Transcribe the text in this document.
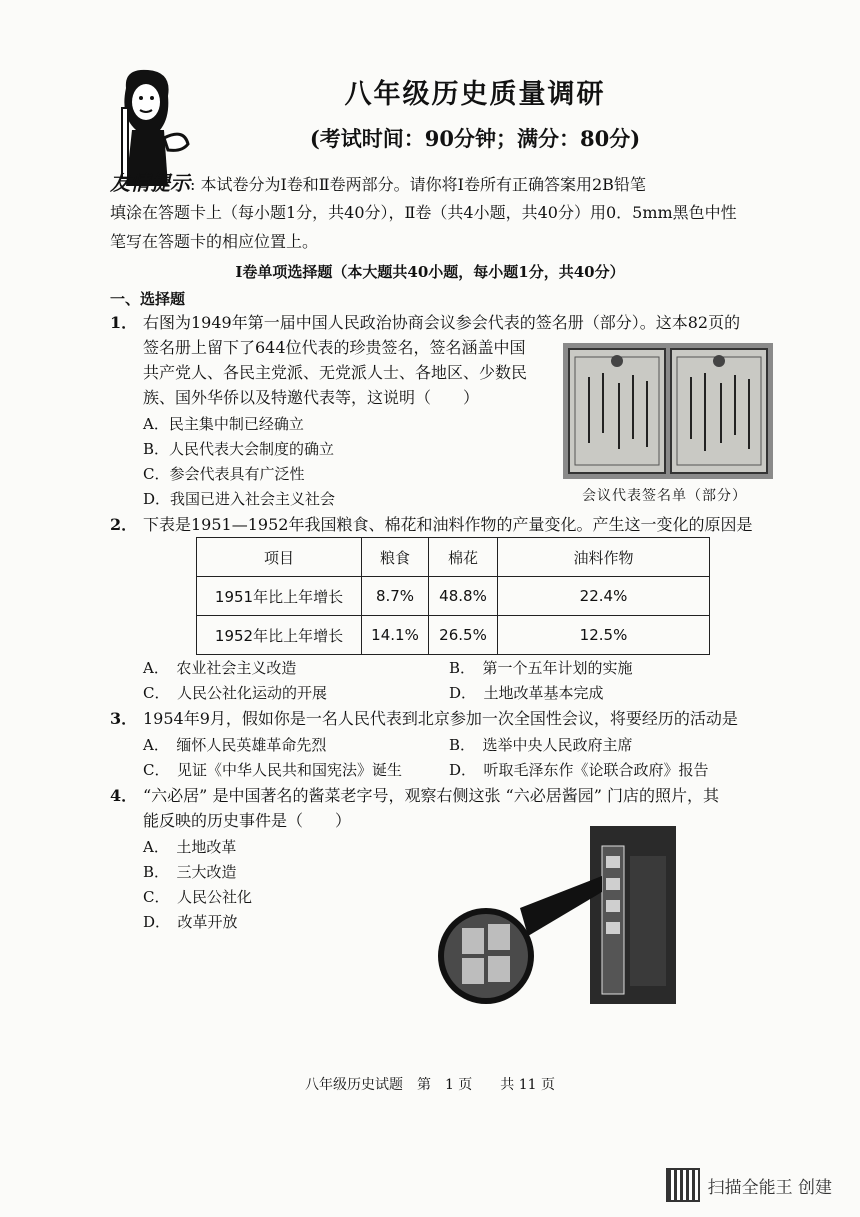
八年级历史质量调研
(考试时间：90分钟；满分：80分)
友情提示: 本试卷分为I卷和Ⅱ卷两部分。请你将I卷所有正确答案用2B铅笔
填涂在答题卡上（每小题1分，共40分），Ⅱ卷（共4小题，共40分）用0．5mm黑色中性
笔写在答题卡的相应位置上。
I卷单项选择题（本大题共40小题，每小题1分，共40分）
一、选择题
1． 右图为1949年第一届中国人民政治协商会议参会代表的签名册（部分）。这本82页的
签名册上留下了644位代表的珍贵签名，签名涵盖中国
共产党人、各民主党派、无党派人士、各地区、少数民
族、国外华侨以及特邀代表等，这说明（　　）
A．民主集中制已经确立
B．人民代表大会制度的确立
C．参会代表具有广泛性
D．我国已进入社会主义社会	会议代表签名单（部分）
2． 下表是1951—1952年我国粮食、棉花和油料作物的产量变化。产生这一变化的原因是
项目	粮食	棉花	油料作物
1951年比上年增长	8.7%	48.8%	22.4%
1952年比上年增长	14.1%	26.5%	12.5%
A．　农业社会主义改造	B．　第一个五年计划的实施
C．　人民公社化运动的开展	D．　土地改革基本完成
3． 1954年9月，假如你是一名人民代表到北京参加一次全国性会议，将要经历的活动是
A．　缅怀人民英雄革命先烈	B．　选举中央人民政府主席
C．　见证《中华人民共和国宪法》诞生	D．　听取毛泽东作《论联合政府》报告
4． “六必居” 是中国著名的酱菜老字号，观察右侧这张 “六必居酱园” 门店的照片，其
能反映的历史事件是（　　）
A．　土地改革
B．　三大改造
C．　人民公社化
D．　改革开放
八年级历史试题　第　1 页　　共 11 页
扫描全能王 创建
